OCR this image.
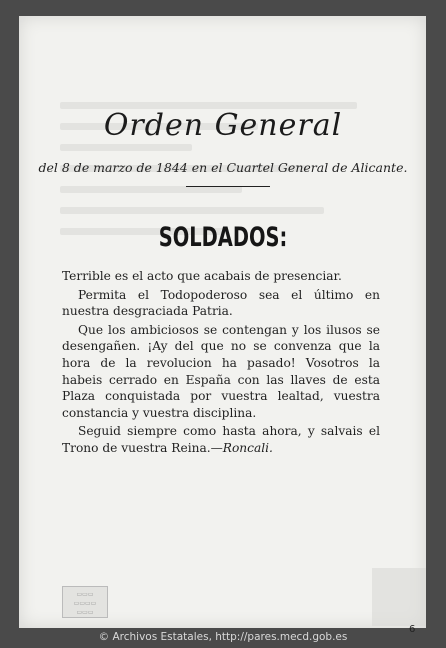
Orden General
del 8 de marzo de 1844 en el Cuartel General de Alicante.
SOLDADOS:

Terrible es el acto que acabais de presenciar.

Permita el Todopoderoso sea el último en nuestra desgraciada Patria.

Que los ambiciosos se contengan y los ilusos se desengañen. ¡Ay del que no se convenza que la hora de la revolucion ha pasado! Vosotros la habeis cerrado en España con las llaves de esta Plaza conquistada por vuestra lealtad, vuestra constancia y vuestra disciplina.

Seguid siempre como hasta ahora, y salvais el Trono de vuestra Reina.—Roncali.

▭▭▭
▭▭▭▭
▭▭▭
© Archivos Estatales, http://pares.mecd.gob.es
6
